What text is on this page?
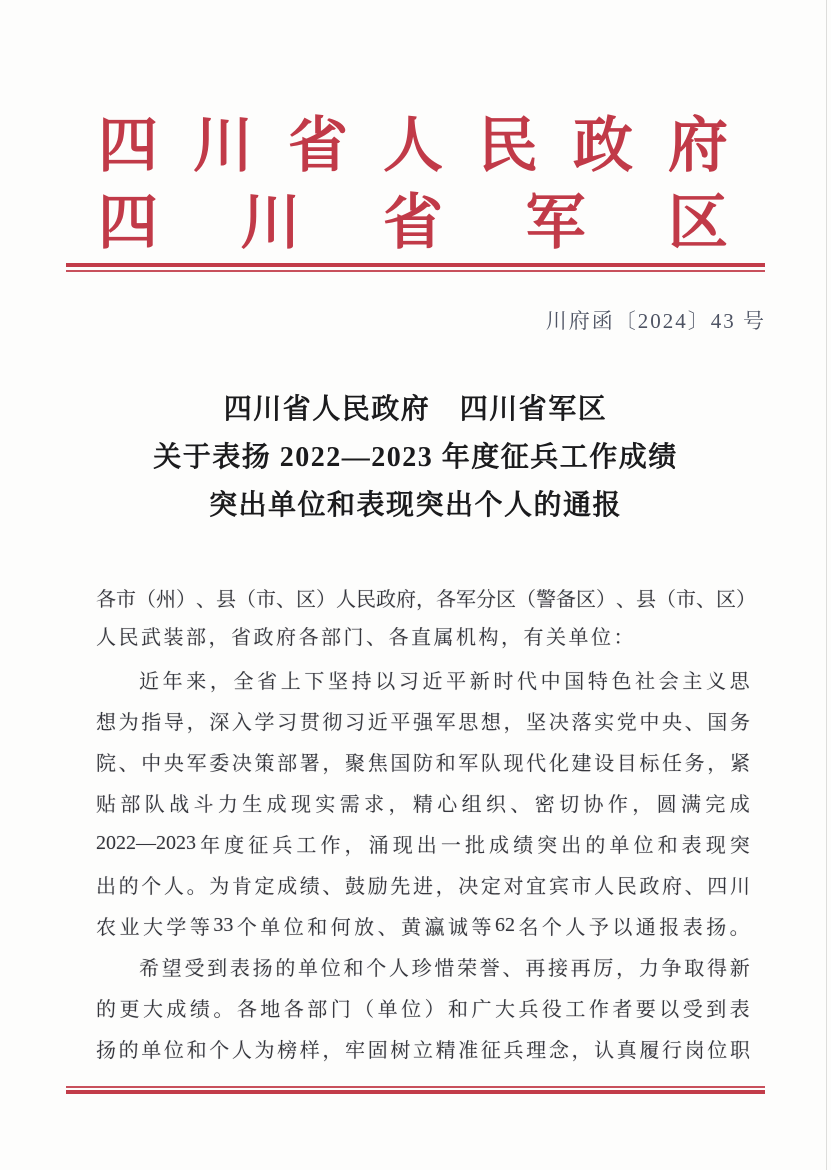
四 川 省 人 民 政 府
四 川 省 军 区
川府函〔2024〕43 号
四川省人民政府　四川省军区
关于表扬 2022—2023 年度征兵工作成绩
突出单位和表现突出个人的通报
各 市 （ 州 ） 、 县 （ 市 、 区 ） 人 民 政 府 ， 各 军 分 区 （ 警 备 区 ） 、 县 （ 市 、 区 ）
人民武装部，省政府各部门、各直属机构，有关单位：
近 年 来 ， 全 省 上 下 坚 持 以 习 近 平 新 时 代 中 国 特 色 社 会 主 义 思
想 为 指 导 ， 深 入 学 习 贯 彻 习 近 平 强 军 思 想 ， 坚 决 落 实 党 中 央 、 国 务
院 、 中 央 军 委 决 策 部 署 ， 聚 焦 国 防 和 军 队 现 代 化 建 设 目 标 任 务 ， 紧
贴 部 队 战 斗 力 生 成 现 实 需 求 ， 精 心 组 织 、 密 切 协 作 ， 圆 满 完 成
2022—2023 年 度 征 兵 工 作 ， 涌 现 出 一 批 成 绩 突 出 的 单 位 和 表 现 突
出 的 个 人 。 为 肯 定 成 绩 、 鼓 励 先 进 ， 决 定 对 宜 宾 市 人 民 政 府 、 四 川
农 业 大 学 等 33 个 单 位 和 何 放 、 黄 瀛 诚 等 62 名 个 人 予 以 通 报 表 扬 。
希 望 受 到 表 扬 的 单 位 和 个 人 珍 惜 荣 誉 、 再 接 再 厉 ， 力 争 取 得 新
的 更 大 成 绩 。 各 地 各 部 门 （ 单 位 ） 和 广 大 兵 役 工 作 者 要 以 受 到 表
扬 的 单 位 和 个 人 为 榜 样 ， 牢 固 树 立 精 准 征 兵 理 念 ， 认 真 履 行 岗 位 职
